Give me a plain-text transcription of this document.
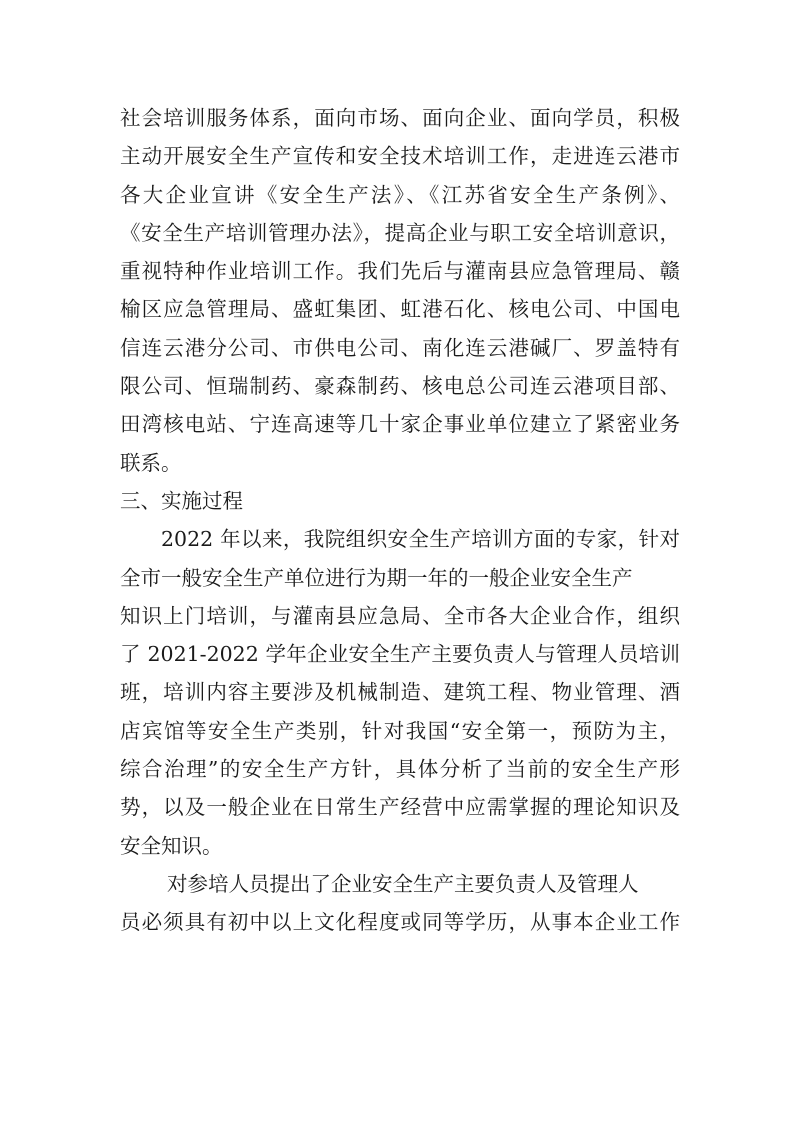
社会培训服务体系，面向市场、面向企业、面向学员，积极
主动开展安全生产宣传和安全技术培训工作，走进连云港市
各大企业宣讲《安全生产法》、《江苏省安全生产条例》、
《安全生产培训管理办法》，提高企业与职工安全培训意识，
重视特种作业培训工作。我们先后与灌南县应急管理局、赣
榆区应急管理局、盛虹集团、虹港石化、核电公司、中国电
信连云港分公司、市供电公司、南化连云港碱厂、罗盖特有
限公司、恒瑞制药、豪森制药、核电总公司连云港项目部、
田湾核电站、宁连高速等几十家企事业单位建立了紧密业务
联系。
三、实施过程
2022 年以来，我院组织安全生产培训方面的专家，针对
全市一般安全生产单位进行为期一年的一般企业安全生产
知识上门培训，与灌南县应急局、全市各大企业合作，组织
了 2021-2022 学年企业安全生产主要负责人与管理人员培训
班，培训内容主要涉及机械制造、建筑工程、物业管理、酒
店宾馆等安全生产类别，针对我国“安全第一，预防为主，
综合治理”的安全生产方针，具体分析了当前的安全生产形
势，以及一般企业在日常生产经营中应需掌握的理论知识及
安全知识。
对参培人员提出了企业安全生产主要负责人及管理人
员必须具有初中以上文化程度或同等学历，从事本企业工作
